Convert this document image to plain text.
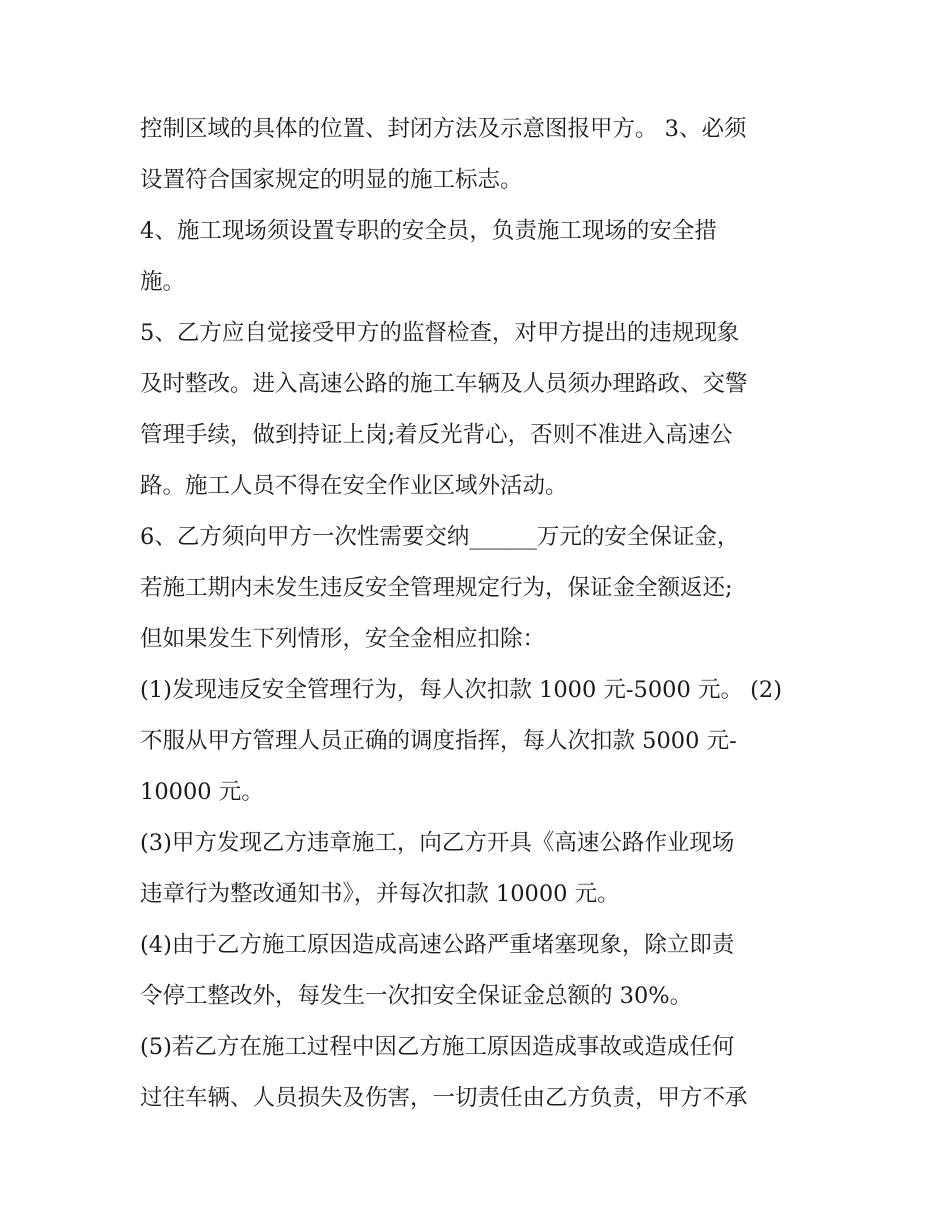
控制区域的具体的位置、封闭方法及示意图报甲方。 3、必须
设置符合国家规定的明显的施工标志。
4、施工现场须设置专职的安全员，负责施工现场的安全措
施。
5、乙方应自觉接受甲方的监督检查，对甲方提出的违规现象
及时整改。进入高速公路的施工车辆及人员须办理路政、交警
管理手续，做到持证上岗;着反光背心，否则不准进入高速公
路。施工人员不得在安全作业区域外活动。
6、乙方须向甲方一次性需要交纳______万元的安全保证金，
若施工期内未发生违反安全管理规定行为，保证金全额返还;
但如果发生下列情形，安全金相应扣除：
(1)发现违反安全管理行为，每人次扣款 1000 元-5000 元。 (2)
不服从甲方管理人员正确的调度指挥，每人次扣款 5000 元-
10000 元。
(3)甲方发现乙方违章施工，向乙方开具《高速公路作业现场
违章行为整改通知书》，并每次扣款 10000 元。
(4)由于乙方施工原因造成高速公路严重堵塞现象，除立即责
令停工整改外，每发生一次扣安全保证金总额的 30%。
(5)若乙方在施工过程中因乙方施工原因造成事故或造成任何
过往车辆、人员损失及伤害，一切责任由乙方负责，甲方不承
